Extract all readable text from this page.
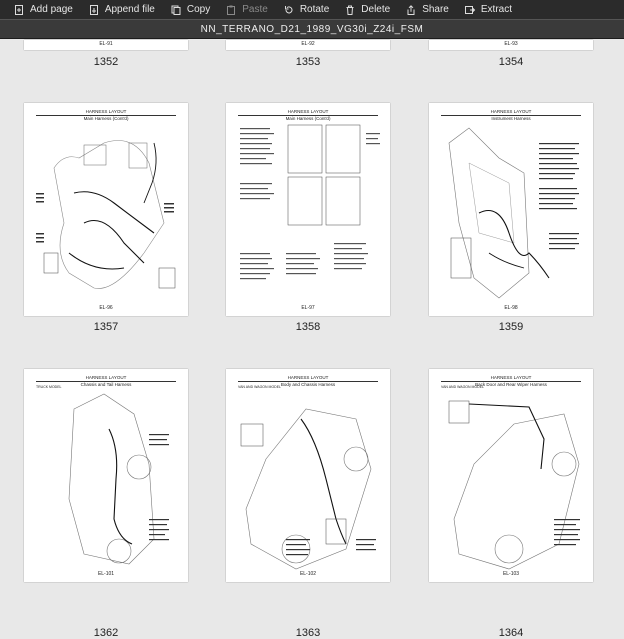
Add page	Append file	Copy	Paste	Rotate	Delete	Share	Extract
NN_TERRANO_D21_1989_VG30i_Z24i_FSM
EL-91
1352
EL-92
1353
EL-93
1354
HARNESS LAYOUT
Main Harness (Cont'd)
EL-96
1357
HARNESS LAYOUT
Main Harness (Cont'd)
EL-97
1358
HARNESS LAYOUT
Instrument Harness
EL-98
1359
HARNESS LAYOUT
Chassis and Tail Harness
TRUCK MODEL
EL-101
1362
HARNESS LAYOUT
Body and Chassis Harness
VAN AND WAGON MODEL
EL-102
1363
HARNESS LAYOUT
Back Door and Rear Wiper Harness
VAN AND WAGON MODEL
EL-103
1364
